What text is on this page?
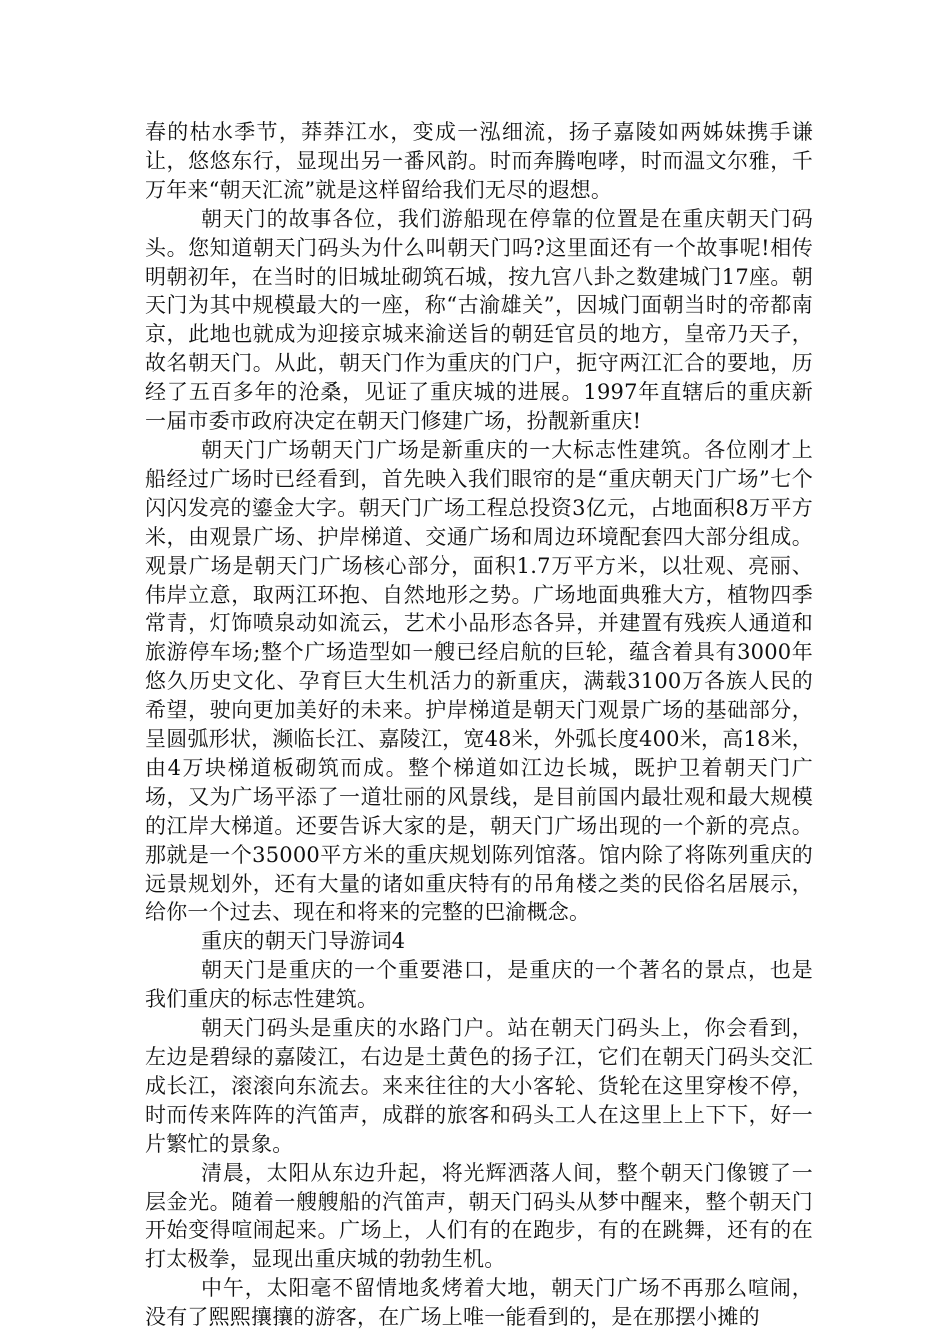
春的枯水季节，莽莽江水，变成一泓细流，扬子嘉陵如两姊妹携手谦让，悠悠东行，显现出另一番风韵。时而奔腾咆哮，时而温文尔雅，千万年来“朝天汇流”就是这样留给我们无尽的遐想。

朝天门的故事各位，我们游船现在停靠的位置是在重庆朝天门码头。您知道朝天门码头为什么叫朝天门吗?这里面还有一个故事呢!相传明朝初年，在当时的旧城址砌筑石城，按九宫八卦之数建城门17座。朝天门为其中规模最大的一座，称“古渝雄关”，因城门面朝当时的帝都南京，此地也就成为迎接京城来渝送旨的朝廷官员的地方，皇帝乃天子，故名朝天门。从此，朝天门作为重庆的门户，扼守两江汇合的要地，历经了五百多年的沧桑，见证了重庆城的进展。1997年直辖后的重庆新一届市委市政府决定在朝天门修建广场，扮靓新重庆!

朝天门广场朝天门广场是新重庆的一大标志性建筑。各位刚才上船经过广场时已经看到，首先映入我们眼帘的是“重庆朝天门广场”七个闪闪发亮的鎏金大字。朝天门广场工程总投资3亿元，占地面积8万平方米，由观景广场、护岸梯道、交通广场和周边环境配套四大部分组成。观景广场是朝天门广场核心部分，面积1.7万平方米，以壮观、亮丽、伟岸立意，取两江环抱、自然地形之势。广场地面典雅大方，植物四季常青，灯饰喷泉动如流云，艺术小品形态各异，并建置有残疾人通道和旅游停车场;整个广场造型如一艘已经启航的巨轮，蕴含着具有3000年悠久历史文化、孕育巨大生机活力的新重庆，满载3100万各族人民的希望，驶向更加美好的未来。护岸梯道是朝天门观景广场的基础部分，呈圆弧形状，濒临长江、嘉陵江，宽48米，外弧长度400米，高18米，由4万块梯道板砌筑而成。整个梯道如江边长城，既护卫着朝天门广场，又为广场平添了一道壮丽的风景线，是目前国内最壮观和最大规模的江岸大梯道。还要告诉大家的是，朝天门广场出现的一个新的亮点。那就是一个35000平方米的重庆规划陈列馆落。馆内除了将陈列重庆的远景规划外，还有大量的诸如重庆特有的吊角楼之类的民俗名居展示，给你一个过去、现在和将来的完整的巴渝概念。

重庆的朝天门导游词4

朝天门是重庆的一个重要港口，是重庆的一个著名的景点，也是我们重庆的标志性建筑。

朝天门码头是重庆的水路门户。站在朝天门码头上，你会看到，左边是碧绿的嘉陵江，右边是土黄色的扬子江，它们在朝天门码头交汇成长江，滚滚向东流去。来来往往的大小客轮、货轮在这里穿梭不停，时而传来阵阵的汽笛声，成群的旅客和码头工人在这里上上下下，好一片繁忙的景象。

清晨，太阳从东边升起，将光辉洒落人间，整个朝天门像镀了一层金光。随着一艘艘船的汽笛声，朝天门码头从梦中醒来，整个朝天门开始变得喧闹起来。广场上，人们有的在跑步，有的在跳舞，还有的在打太极拳，显现出重庆城的勃勃生机。

中午，太阳毫不留情地炙烤着大地，朝天门广场不再那么喧闹，没有了熙熙攘攘的游客，在广场上唯一能看到的，是在那摆小摊的
